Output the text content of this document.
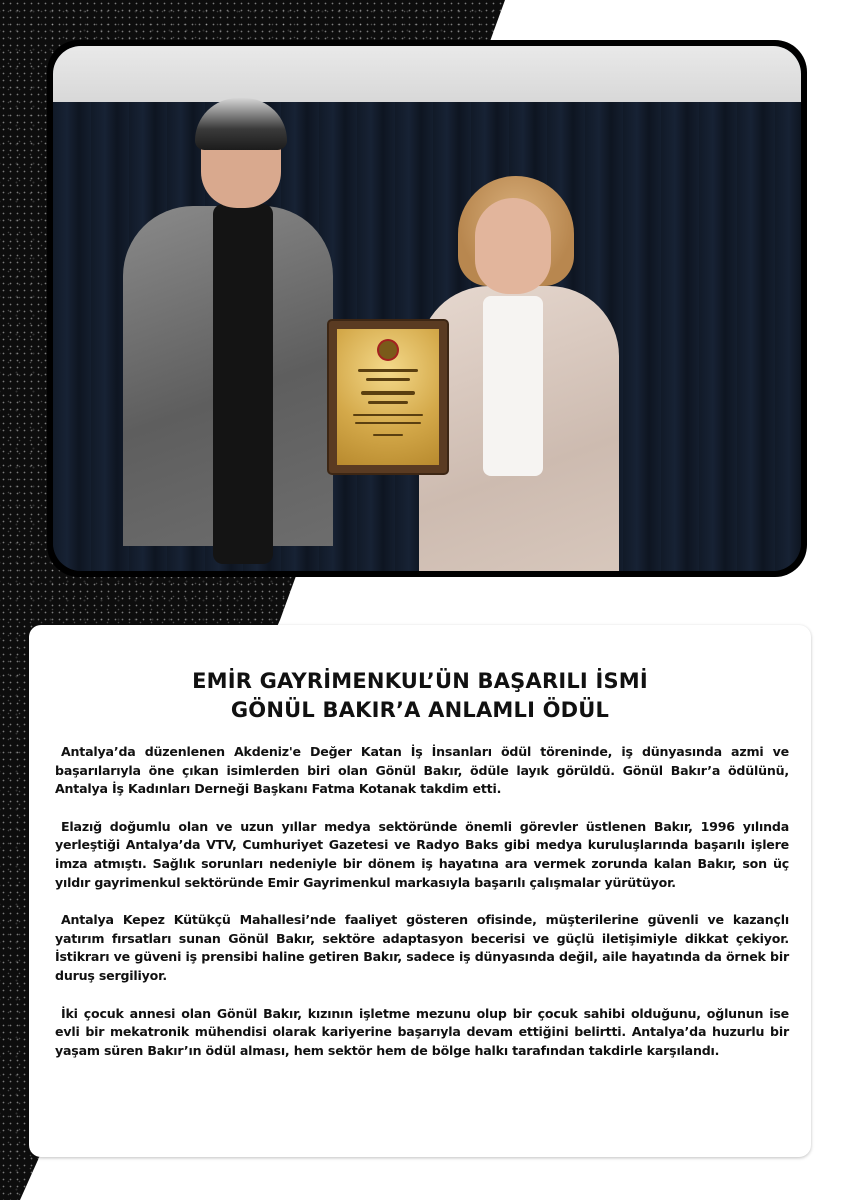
EMİR GAYRİMENKUL’ÜN BAŞARILI İSMİ
GÖNÜL BAKIR’A ANLAMLI ÖDÜL

Antalya’da düzenlenen Akdeniz'e Değer Katan İş İnsanları ödül töreninde, iş dünyasında azmi ve başarılarıyla öne çıkan isimlerden biri olan Gönül Bakır, ödüle layık görüldü. Gönül Bakır’a ödülünü, Antalya İş Kadınları Derneği Başkanı Fatma Kotanak takdim etti.

Elazığ doğumlu olan ve uzun yıllar medya sektöründe önemli görevler üstlenen Bakır, 1996 yılında yerleştiği Antalya’da VTV, Cumhuriyet Gazetesi ve Radyo Baks gibi medya kuruluşlarında başarılı işlere imza atmıştı. Sağlık sorunları nedeniyle bir dönem iş hayatına ara vermek zorunda kalan Bakır, son üç yıldır gayrimenkul sektöründe Emir Gayrimenkul markasıyla başarılı çalışmalar yürütüyor.

Antalya Kepez Kütükçü Mahallesi’nde faaliyet gösteren ofisinde, müşterilerine güvenli ve kazançlı yatırım fırsatları sunan Gönül Bakır, sektöre adaptasyon becerisi ve güçlü iletişimiyle dikkat çekiyor. İstikrarı ve güveni iş prensibi haline getiren Bakır, sadece iş dünyasında değil, aile hayatında da örnek bir duruş sergiliyor.

İki çocuk annesi olan Gönül Bakır, kızının işletme mezunu olup bir çocuk sahibi olduğunu, oğlunun ise evli bir mekatronik mühendisi olarak kariyerine başarıyla devam ettiğini belirtti. Antalya’da huzurlu bir yaşam süren Bakır’ın ödül alması, hem sektör hem de bölge halkı tarafından takdirle karşılandı.
